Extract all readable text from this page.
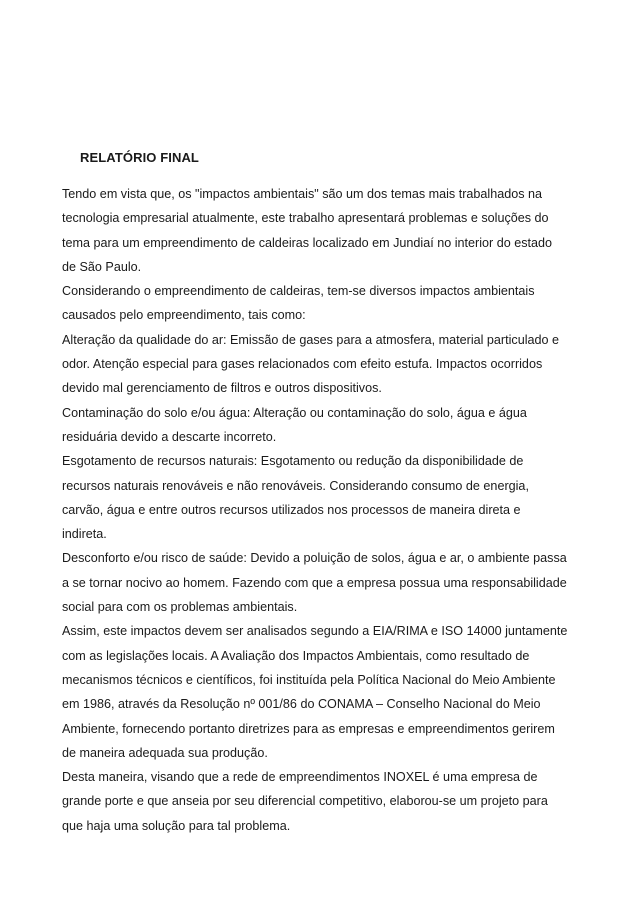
RELATÓRIO FINAL
Tendo em vista que, os "impactos ambientais" são um dos temas mais trabalhados na
tecnologia empresarial atualmente, este trabalho apresentará problemas e soluções do
tema para um empreendimento de caldeiras localizado em Jundiaí no interior do estado
de São Paulo.
Considerando o empreendimento de caldeiras, tem-se diversos impactos ambientais
causados pelo empreendimento, tais como:
Alteração da qualidade do ar: Emissão de gases para a atmosfera, material particulado e
odor. Atenção especial para gases relacionados com efeito estufa. Impactos ocorridos
devido mal gerenciamento de filtros e outros dispositivos.
Contaminação do solo e/ou água: Alteração ou contaminação do solo, água e água
residuária devido a descarte incorreto.
Esgotamento de recursos naturais: Esgotamento ou redução da disponibilidade de
recursos naturais renováveis e não renováveis. Considerando consumo de energia,
carvão, água e entre outros recursos utilizados nos processos de maneira direta e
indireta.
Desconforto e/ou risco de saúde: Devido a poluição de solos, água e ar, o ambiente passa
a se tornar nocivo ao homem. Fazendo com que a empresa possua uma responsabilidade
social para com os problemas ambientais.
Assim, este impactos devem ser analisados segundo a EIA/RIMA e ISO 14000 juntamente
com as legislações locais. A Avaliação dos Impactos Ambientais, como resultado de
mecanismos técnicos e científicos, foi instituída pela Política Nacional do Meio Ambiente
em 1986, através da Resolução nº 001/86 do CONAMA – Conselho Nacional do Meio
Ambiente, fornecendo portanto diretrizes para as empresas e empreendimentos gerirem
de maneira adequada sua produção.
Desta maneira, visando que a rede de empreendimentos INOXEL é uma empresa de
grande porte e que anseia por seu diferencial competitivo, elaborou-se um projeto para
que haja uma solução para tal problema.
